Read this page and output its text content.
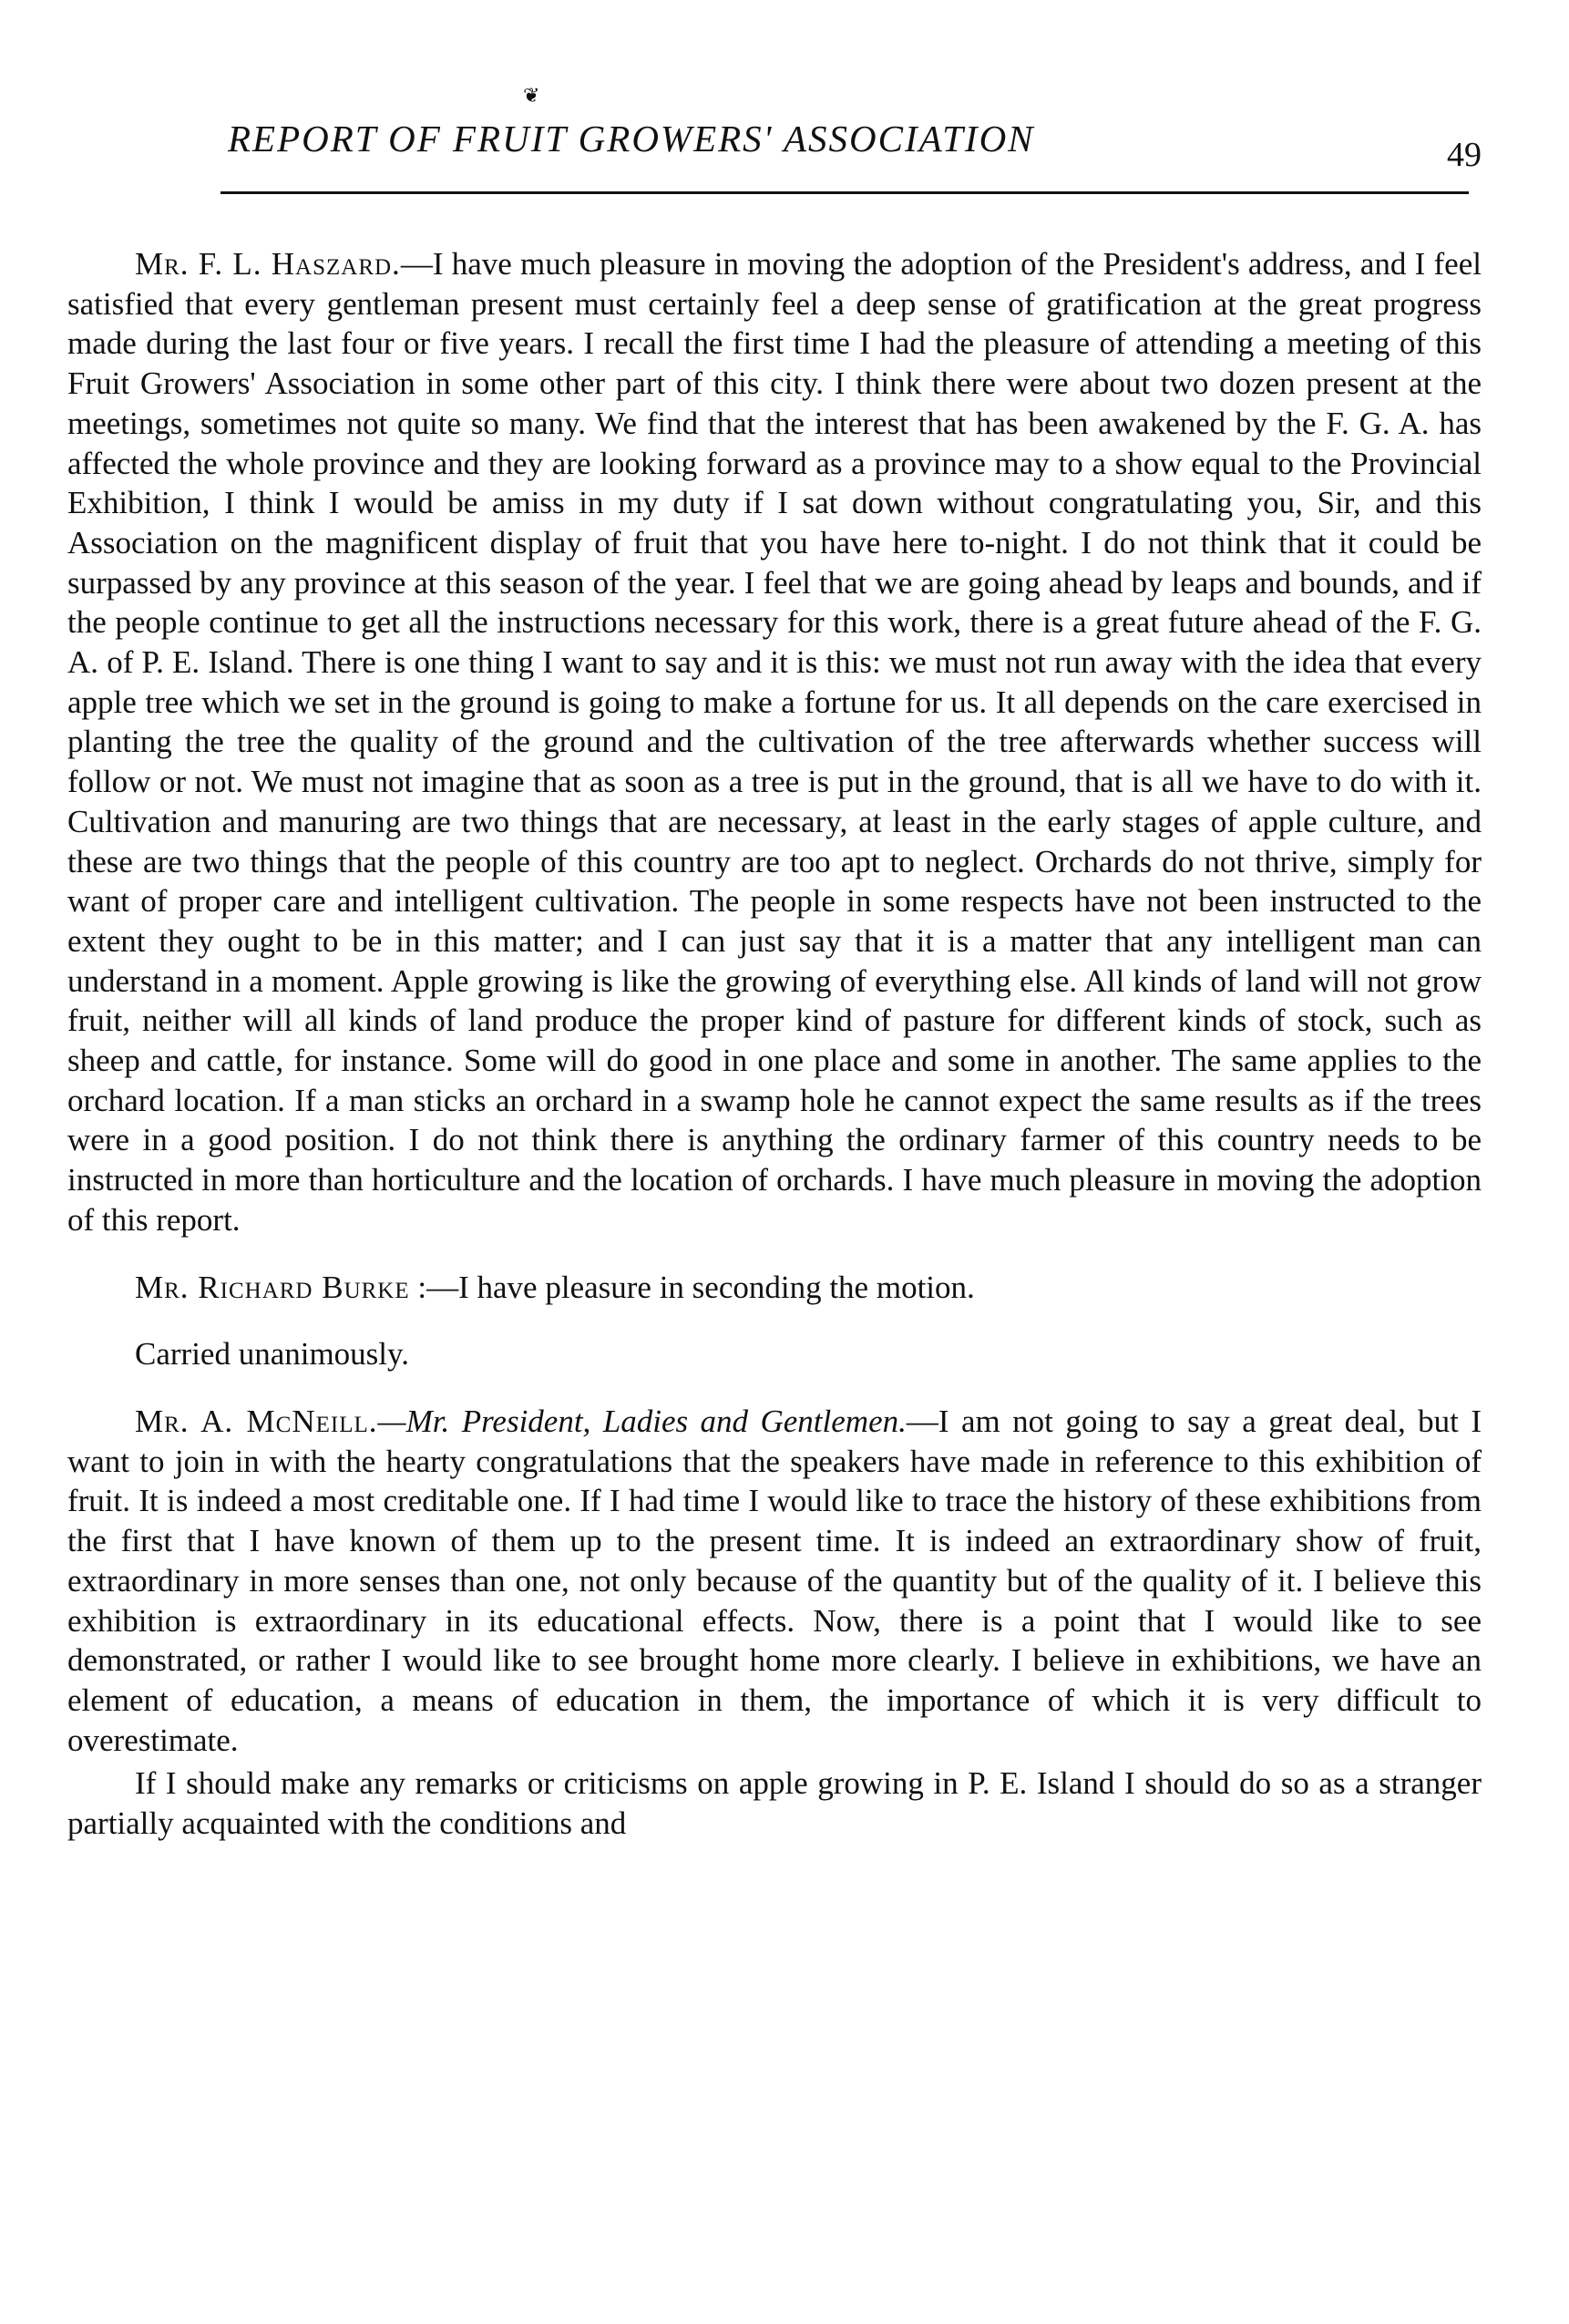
❦
REPORT OF FRUIT GROWERS' ASSOCIATION	49

Mr. F. L. Haszard.—I have much pleasure in moving the adoption of the President's address, and I feel satisfied that every gentleman present must certainly feel a deep sense of gratification at the great progress made during the last four or five years. I recall the first time I had the pleasure of attending a meeting of this Fruit Growers' Association in some other part of this city. I think there were about two dozen present at the meetings, sometimes not quite so many. We find that the interest that has been awakened by the F. G. A. has affected the whole province and they are looking forward as a province may to a show equal to the Provincial Exhibition, I think I would be amiss in my duty if I sat down without congratulating you, Sir, and this Association on the magnificent display of fruit that you have here to-night. I do not think that it could be surpassed by any province at this season of the year. I feel that we are going ahead by leaps and bounds, and if the people continue to get all the instructions necessary for this work, there is a great future ahead of the F. G. A. of P. E. Island. There is one thing I want to say and it is this: we must not run away with the idea that every apple tree which we set in the ground is going to make a fortune for us. It all depends on the care exercised in planting the tree the quality of the ground and the cultivation of the tree afterwards whether success will follow or not. We must not imagine that as soon as a tree is put in the ground, that is all we have to do with it. Cultivation and manuring are two things that are necessary, at least in the early stages of apple culture, and these are two things that the people of this country are too apt to neglect. Orchards do not thrive, simply for want of proper care and intelligent cultivation. The people in some respects have not been instructed to the extent they ought to be in this matter; and I can just say that it is a matter that any intelligent man can understand in a moment. Apple growing is like the growing of everything else. All kinds of land will not grow fruit, neither will all kinds of land produce the proper kind of pasture for different kinds of stock, such as sheep and cattle, for instance. Some will do good in one place and some in another. The same applies to the orchard location. If a man sticks an orchard in a swamp hole he cannot expect the same results as if the trees were in a good position. I do not think there is anything the ordinary farmer of this country needs to be instructed in more than horticulture and the location of orchards. I have much pleasure in moving the adoption of this report.

Mr. Richard Burke :—I have pleasure in seconding the motion.

Carried unanimously.

Mr. A. McNeill.—Mr. President, Ladies and Gentlemen.—I am not going to say a great deal, but I want to join in with the hearty congratulations that the speakers have made in reference to this exhibition of fruit. It is indeed a most creditable one. If I had time I would like to trace the history of these exhibitions from the first that I have known of them up to the present time. It is indeed an extraordinary show of fruit, extraordinary in more senses than one, not only because of the quantity but of the quality of it. I believe this exhibition is extraordinary in its educational effects. Now, there is a point that I would like to see demonstrated, or rather I would like to see brought home more clearly. I believe in exhibitions, we have an element of education, a means of education in them, the importance of which it is very difficult to overestimate.

If I should make any remarks or criticisms on apple growing in P. E. Island I should do so as a stranger partially acquainted with the conditions and
